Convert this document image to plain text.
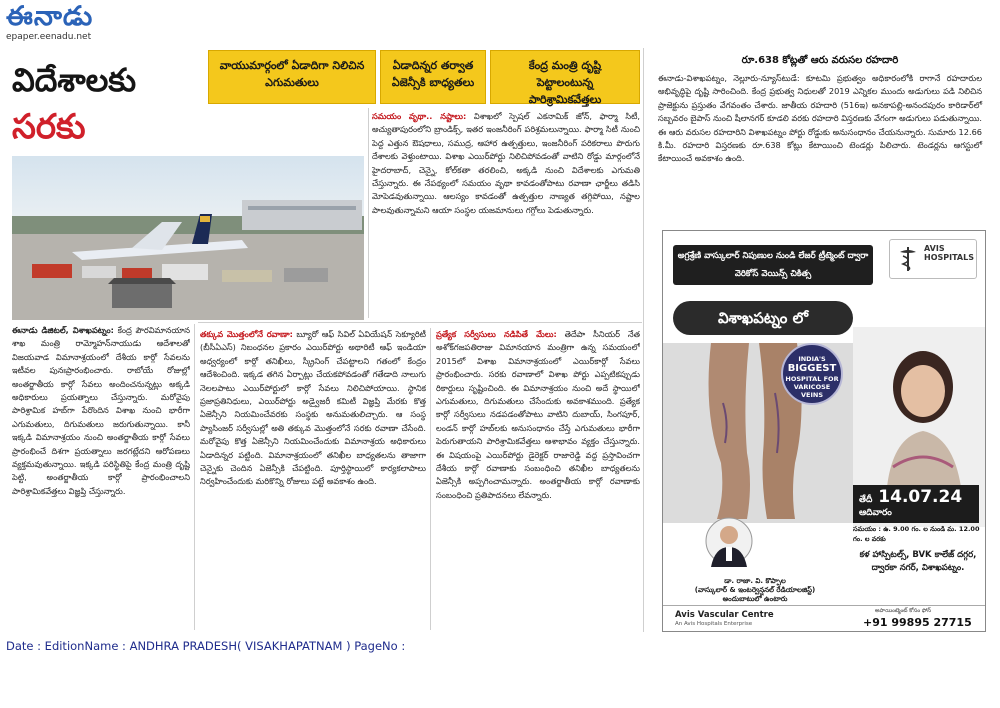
ఈనాడు
epaper.eenadu.net
విదేశాలకు
సరకు
వాయుమార్గంలో ఏడాదిగా నిలిచిన ఎగుమతులు
ఏడాదిన్నర తర్వాత ఏజెన్సీకి బాధ్యతలు
కేంద్ర మంత్రి దృష్టి పెట్టాలంటున్న పారిశ్రామికవేత్తలు
సమయం వృథా.. నష్టాలు: విశాఖలో స్పెషల్‌ ఎకనామిక్‌ జోన్‌, ఫార్మా సిటీ, అచ్యుతాపురంలోని బ్రాండిక్స్‌, ఇతర ఇంజనీరింగ్‌ పరిశ్రమలున్నాయి. ఫార్మా సిటీ నుంచి పెద్ద ఎత్తున ఔషధాలు, సముద్ర, ఆహార ఉత్పత్తులు, ఇంజనీరింగ్‌ పరికరాలు పొరుగు దేశాలకు వెళ్తుంటాయి. విశాఖ ఎయిర్‌పోర్టు నిలిచిపోవడంతో వాటిని రోడ్డు మార్గంలోనే హైదరాబాద్‌, చెన్నై, కోల్‌కతా తరలించి, అక్కడి నుంచి విదేశాలకు ఎగుమతి చేస్తున్నారు. ఈ నేపథ్యంలో సమయం వృథా కావడంతోపాటు రవాణా ఛార్జీలు తడిసి మోపెడవుతున్నాయి. ఆలస్యం కావడంతో ఉత్పత్తుల నాణ్యత తగ్గిపోయి, నష్టాల పాలవుతున్నామని ఆయా సంస్థల యజమానులు గగ్గోలు పెడుతున్నారు.
ఈనాడు డిజిటల్‌, విశాఖపట్నం: కేంద్ర పౌరవిమానయాన శాఖ మంత్రి రామ్మోహన్‌నాయుడు ఆదేశాలతో విజయవాడ విమానాశ్రయంలో దేశీయ కార్గో సేవలను ఇటీవల పునఃప్రారంభించారు. రాబోయే రోజుల్లో అంతర్జాతీయ కార్గో సేవలు అందించనున్నట్లు అక్కడి అధికారులు ప్రయత్నాలు చేస్తున్నారు. మరోవైపు పారిశ్రామిక హబ్‌గా పేరొందిన విశాఖ నుంచి భారీగా ఎగుమతులు, దిగుమతులు జరుగుతున్నాయి. కానీ ఇక్కడి విమానాశ్రయం నుంచి అంతర్జాతీయ కార్గో సేవలు ప్రారంభించే దిశగా ప్రయత్నాలు జరగట్లేదని ఆరోపణలు వ్యక్తమవుతున్నాయి. ఇక్కడి పరిస్థితిపై కేంద్ర మంత్రి దృష్టి పెట్టి, అంతర్జాతీయ కార్గో ప్రారంభించాలని పారిశ్రామికవేత్తలు విజ్ఞప్తి చేస్తున్నారు.
తక్కువ మొత్తంలోనే రవాణా: బ్యూరో ఆఫ్‌ సివిల్‌ ఏవియేషన్‌ సెక్యూరిటీ (బీసీఏఎస్‌) నిబంధనల ప్రకారం ఎయిర్‌పోర్టు అథారిటీ ఆఫ్‌ ఇండియా అధ్వర్యంలో కార్గో తనిఖీలు, స్క్రీనింగ్‌ చేపట్టాలని గతంలో కేంద్రం ఆదేశించింది. ఇక్కడ తగిన ఏర్పాట్లు చేయకపోవడంతో గతేడాది నాలుగు నెలలపాటు ఎయిర్‌పోర్టులో కార్గో సేవలు నిలిచిపోయాయి. స్థానిక ప్రజాప్రతినిధులు, ఎయిర్‌పోర్టు అడ్వైజరీ కమిటీ విజ్ఞప్తి మేరకు కొత్త ఏజెన్సీని నియమించేవరకు సంస్థకు అనుమతులిచ్చారు. ఆ సంస్థ ప్యాసింజర్‌ సర్వీసుల్లో అతి తక్కువ మొత్తంలోనే సరకు రవాణా చేసేంది. మరోవైపు కొత్త ఏజెన్సీని నియమించేందుకు విమానాశ్రయ అధికారులు ఏడాదిన్నర పట్టింది. విమానాశ్రయంలో తనిఖీల బాధ్యతలను తాజాగా చెన్నైకు చెందిన ఏజెన్సీకి చేపట్టింది. పూర్తిస్థాయిలో కార్యకలాపాలు నిర్వహించేందుకు మరికొన్ని రోజులు పట్టే అవకాశం ఉంది.
ప్రత్యేక సర్వీసులు నడిపితే మేలు: తెదేపా సీనియర్‌ నేత అశోక్‌గజపతిరాజు విమానయాన మంత్రిగా ఉన్న సమయంలో 2015లో విశాఖ విమానాశ్రయంలో ఎయిర్‌కార్గో సేవలు ప్రారంభించారు. సరకు రవాణాలో విశాఖ పోర్టు ఎప్పటికప్పుడు రికార్డులు సృష్టించింది. ఈ విమానాశ్రయం నుంచి అదే స్థాయిలో ఎగుమతులు, దిగుమతులు చేసేందుకు అవకాశముంది. ప్రత్యేక కార్గో సర్వీసులు నడపడంతోపాటు వాటిని దుబాయ్‌, సింగపూర్‌, లండన్‌ కార్గో హబ్‌లకు అనుసంధానం చేస్తే ఎగుమతులు భారీగా పెరుగుతాయని పారిశ్రామికవేత్తలు ఆశాభావం వ్యక్తం చేస్తున్నారు. ఈ విషయంపై ఎయిర్‌పోర్టు డైరెక్టర్‌ రాజారెడ్డి వద్ద ప్రస్తావించగా దేశీయ కార్గో రవాణాకు సంబంధించి తనిఖీల బాధ్యతలను ఏజెన్సీకి అప్పగించామన్నారు. అంతర్జాతీయ కార్గో రవాణాకు సంబంధించి ప్రతిపాదనలు లేవన్నారు.
రూ.638 కోట్లతో ఆరు వరుసల రహదారి
ఈనాడు-విశాఖపట్నం, నెల్లూరు-న్యూస్‌టుడే: కూటమి ప్రభుత్వం అధికారంలోకి రాగానే రహదారుల అభివృద్ధిపై దృష్టి సారించింది. కేంద్ర ప్రభుత్వ నిధులతో 2019 ఎన్నికల ముందు అడుగులు పడి నిలిచిన ప్రాజెక్టును ప్రస్తుతం వేగవంతం చేశారు. జాతీయ రహదారి (516ఇ) అనకాపల్లి-అనందపురం కారిడార్‌లో సబ్బవరం బైపాస్‌ నుంచి షీలానగర్‌ కూడలి వరకు రహదారి విస్తరణకు వేగంగా అడుగులు పడుతున్నాయి. ఈ ఆరు వరుసల రహదారిని విశాఖపట్నం పోర్టు రోడ్డుకు అనుసంధానం చేయనున్నారు. సుమారు 12.66 కి.మీ. రహదారి విస్తరణకు రూ.638 కోట్లు కేటాయించి టెండర్లు పిలిచారు. టెండర్లను ఆగస్టులో కేటాయించే అవకాశం ఉంది.
అగ్రశ్రేణి వాస్కులార్‌ నిపుణుల నుండి లేజర్‌ ట్రీట్మెంట్‌ ద్వారా వెరికోస్‌ వెయిన్స్‌ చికిత్స
AVIS HOSPITALS
విశాఖపట్నం లో
INDIA'S
BIGGEST
HOSPITAL FOR VARICOSE VEINS
తేదీ 14.07.24
ఆదివారం
సమయం : ఉ. 9.00 గం. ల నుండి మ. 12.00 గం. ల వరకు
డా. రాజా. వి. కొప్పాల
(వాస్కులార్‌ & ఇంటర్వెన్షనల్‌ రేడియాలజిస్ట్‌)
అందుబాటులో ఉంటారు
కళ హాస్పిటల్స్‌, BVK కాలేజ్‌ దగ్గర, ద్వారకా నగర్‌, విశాఖపట్నం.
Avis Vascular Centre
An Avis Hospitals Enterprise
అపాయింట్మెంట్‌ కోసం ఫోన్‌
+91 99895 27715
Date : EditionName : ANDHRA PRADESH( VISAKHAPATNAM ) PageNo :
